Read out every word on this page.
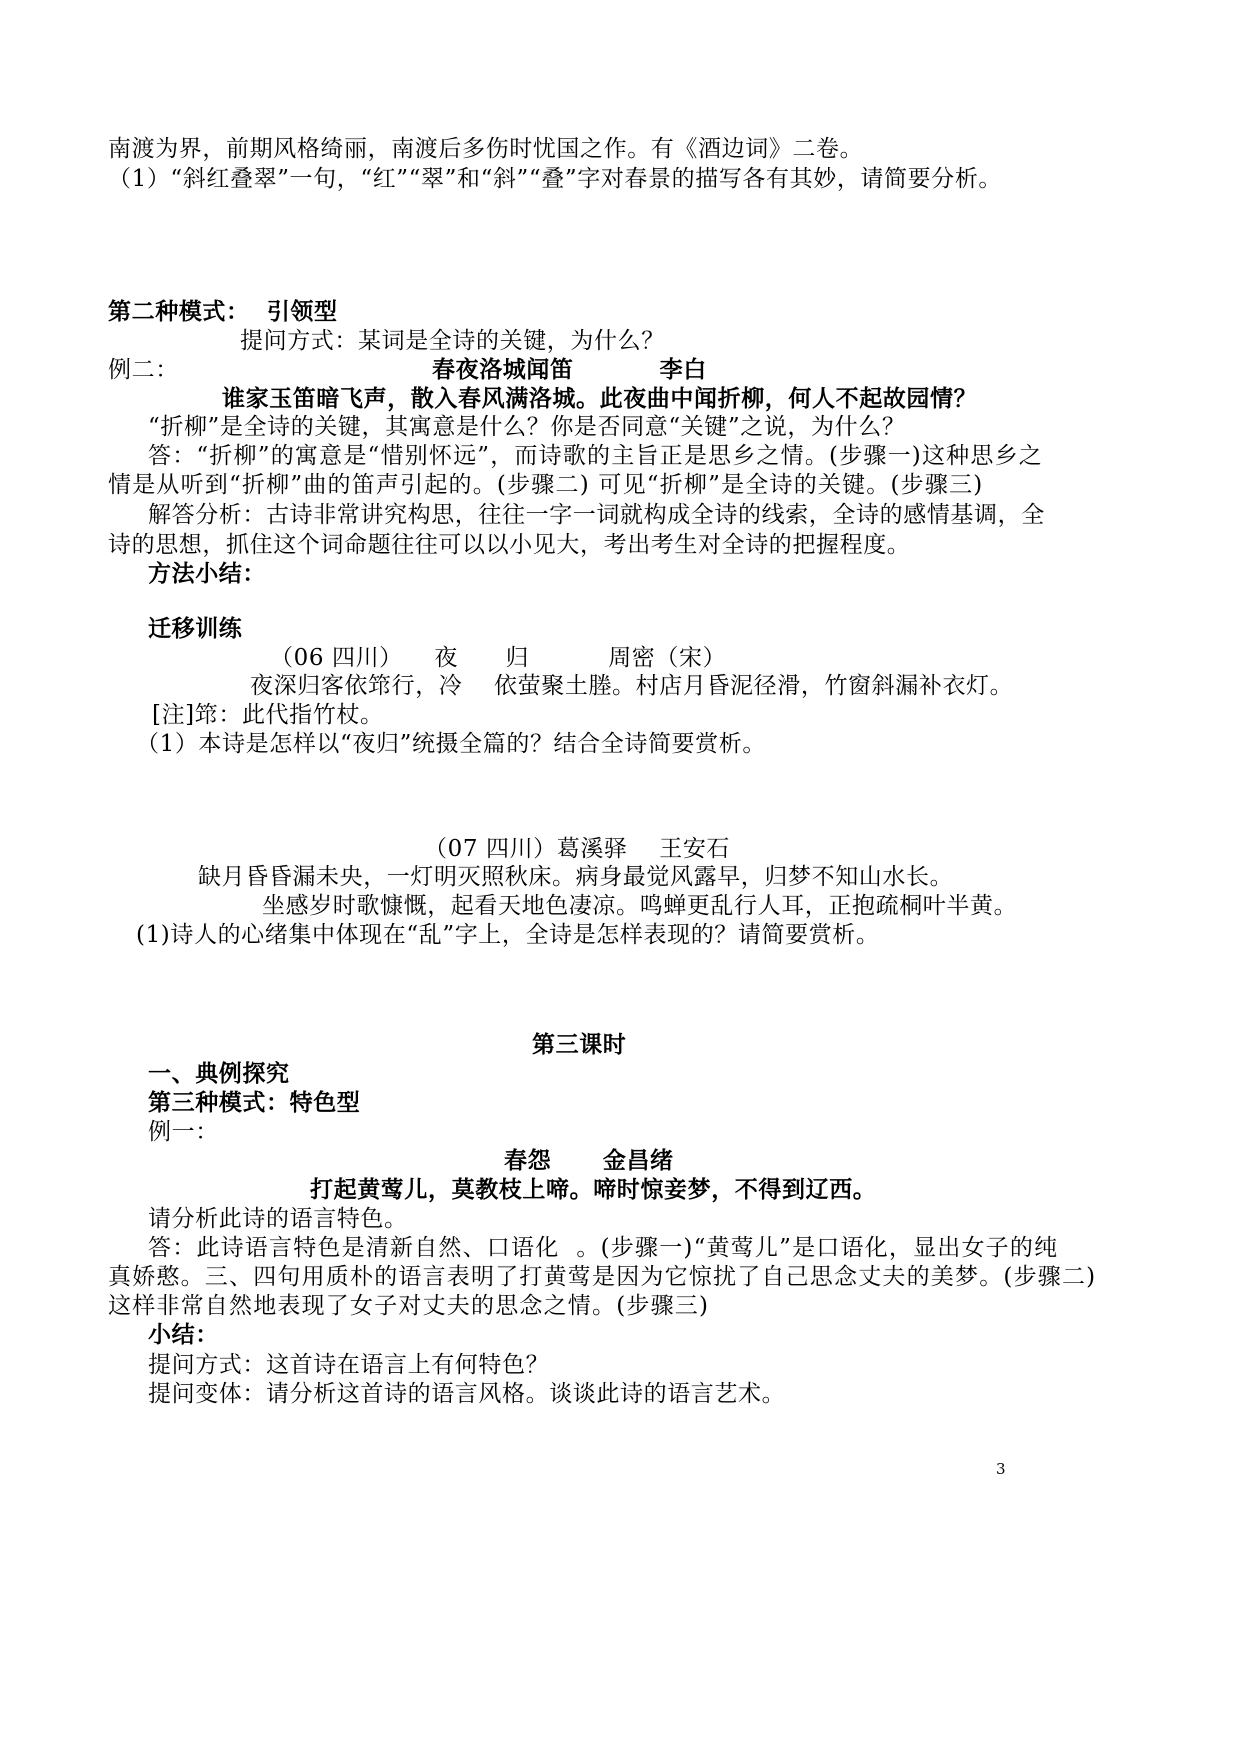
南渡为界，前期风格绮丽，南渡后多伤时忧国之作。有《酒边词》二卷。
（1）“斜红叠翠”一句，“红”“翠”和“斜”“叠”字对春景的描写各有其妙，请简要分析。
第二种模式：  引领型
提问方式：某词是全诗的关键，为什么？
例二：	春夜洛城闻笛          李白
谁家玉笛暗飞声，散入春风满洛城。此夜曲中闻折柳，何人不起故园情？
“折柳”是全诗的关键，其寓意是什么？你是否同意“关键”之说，为什么？
答：“折柳”的寓意是“惜别怀远”，而诗歌的主旨正是思乡之情。(步骤一)这种思乡之
情是从听到“折柳”曲的笛声引起的。(步骤二) 可见“折柳”是全诗的关键。(步骤三)
解答分析：古诗非常讲究构思，往往一字一词就构成全诗的线索，全诗的感情基调，全
诗的思想，抓住这个词命题往往可以以小见大，考出考生对全诗的把握程度。
方法小结：
迁移训练
（06 四川）    夜      归          周密（宋）
夜深归客依筇行，冷    依萤聚土塍。村店月昏泥径滑，竹窗斜漏补衣灯。
[注]筇：此代指竹杖。
（1）本诗是怎样以“夜归”统摄全篇的？结合全诗简要赏析。
（07 四川）葛溪驿    王安石
缺月昏昏漏未央，一灯明灭照秋床。病身最觉风露早，归梦不知山水长。
坐感岁时歌慷慨，起看天地色凄凉。鸣蝉更乱行人耳，正抱疏桐叶半黄。
(1)诗人的心绪集中体现在“乱”字上，全诗是怎样表现的？请简要赏析。
第三课时
一、典例探究
第三种模式：特色型
例一：
春怨      金昌绪
打起黄莺儿，莫教枝上啼。啼时惊妾梦，不得到辽西。
请分析此诗的语言特色。
答：此诗语言特色是清新自然、口语化  。(步骤一)“黄莺儿”是口语化，显出女子的纯
真娇憨。三、四句用质朴的语言表明了打黄莺是因为它惊扰了自己思念丈夫的美梦。(步骤二)
这样非常自然地表现了女子对丈夫的思念之情。(步骤三)
小结：
提问方式：这首诗在语言上有何特色？
提问变体：请分析这首诗的语言风格。谈谈此诗的语言艺术。
3
